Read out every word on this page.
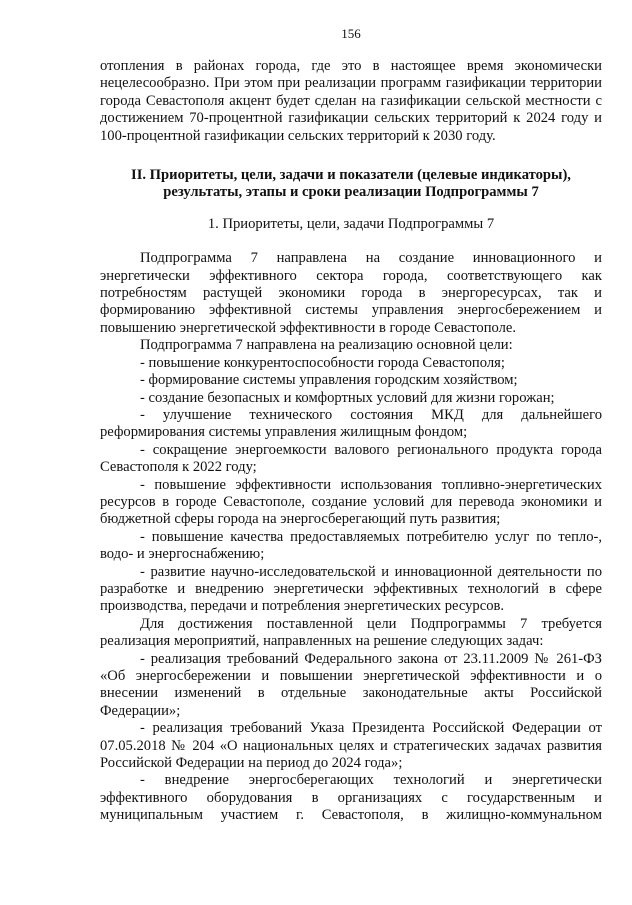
156

отопления в районах города, где это в настоящее время экономически нецелесообразно. При этом при реализации программ газификации территории города Севастополя акцент будет сделан на газификации сельской местности с достижением 70-процентной газификации сельских территорий к 2024 году и 100-процентной газификации сельских территорий к 2030 году.

II. Приоритеты, цели, задачи и показатели (целевые индикаторы),
результаты, этапы и сроки реализации Подпрограммы 7
1. Приоритеты, цели, задачи Подпрограммы 7

Подпрограмма 7 направлена на создание инновационного и энергетически эффективного сектора города, соответствующего как потребностям растущей экономики города в энергоресурсах, так и формированию эффективной системы управления энергосбережением и повышению энергетической эффективности в городе Севастополе.

Подпрограмма 7 направлена на реализацию основной цели:

- повышение конкурентоспособности города Севастополя;

- формирование системы управления городским хозяйством;

- создание безопасных и комфортных условий для жизни горожан;

- улучшение технического состояния МКД для дальнейшего реформирования системы управления жилищным фондом;

- сокращение энергоемкости валового регионального продукта города Севастополя к 2022 году;

- повышение эффективности использования топливно-энергетических ресурсов в городе Севастополе, создание условий для перевода экономики и бюджетной сферы города на энергосберегающий путь развития;

- повышение качества предоставляемых потребителю услуг по тепло-, водо- и энергоснабжению;

- развитие научно-исследовательской и инновационной деятельности по разработке и внедрению энергетически эффективных технологий в сфере производства, передачи и потребления энергетических ресурсов.

Для достижения поставленной цели Подпрограммы 7 требуется реализация мероприятий, направленных на решение следующих задач:

- реализация требований Федерального закона от 23.11.2009 № 261-ФЗ «Об энергосбережении и повышении энергетической эффективности и о внесении изменений в отдельные законодательные акты Российской Федерации»;

- реализация требований Указа Президента Российской Федерации от 07.05.2018 № 204 «О национальных целях и стратегических задачах развития Российской Федерации на период до 2024 года»;

- внедрение энергосберегающих технологий и энергетически эффективного оборудования в организациях с государственным и муниципальным участием г. Севастополя, в жилищно-коммунальном
